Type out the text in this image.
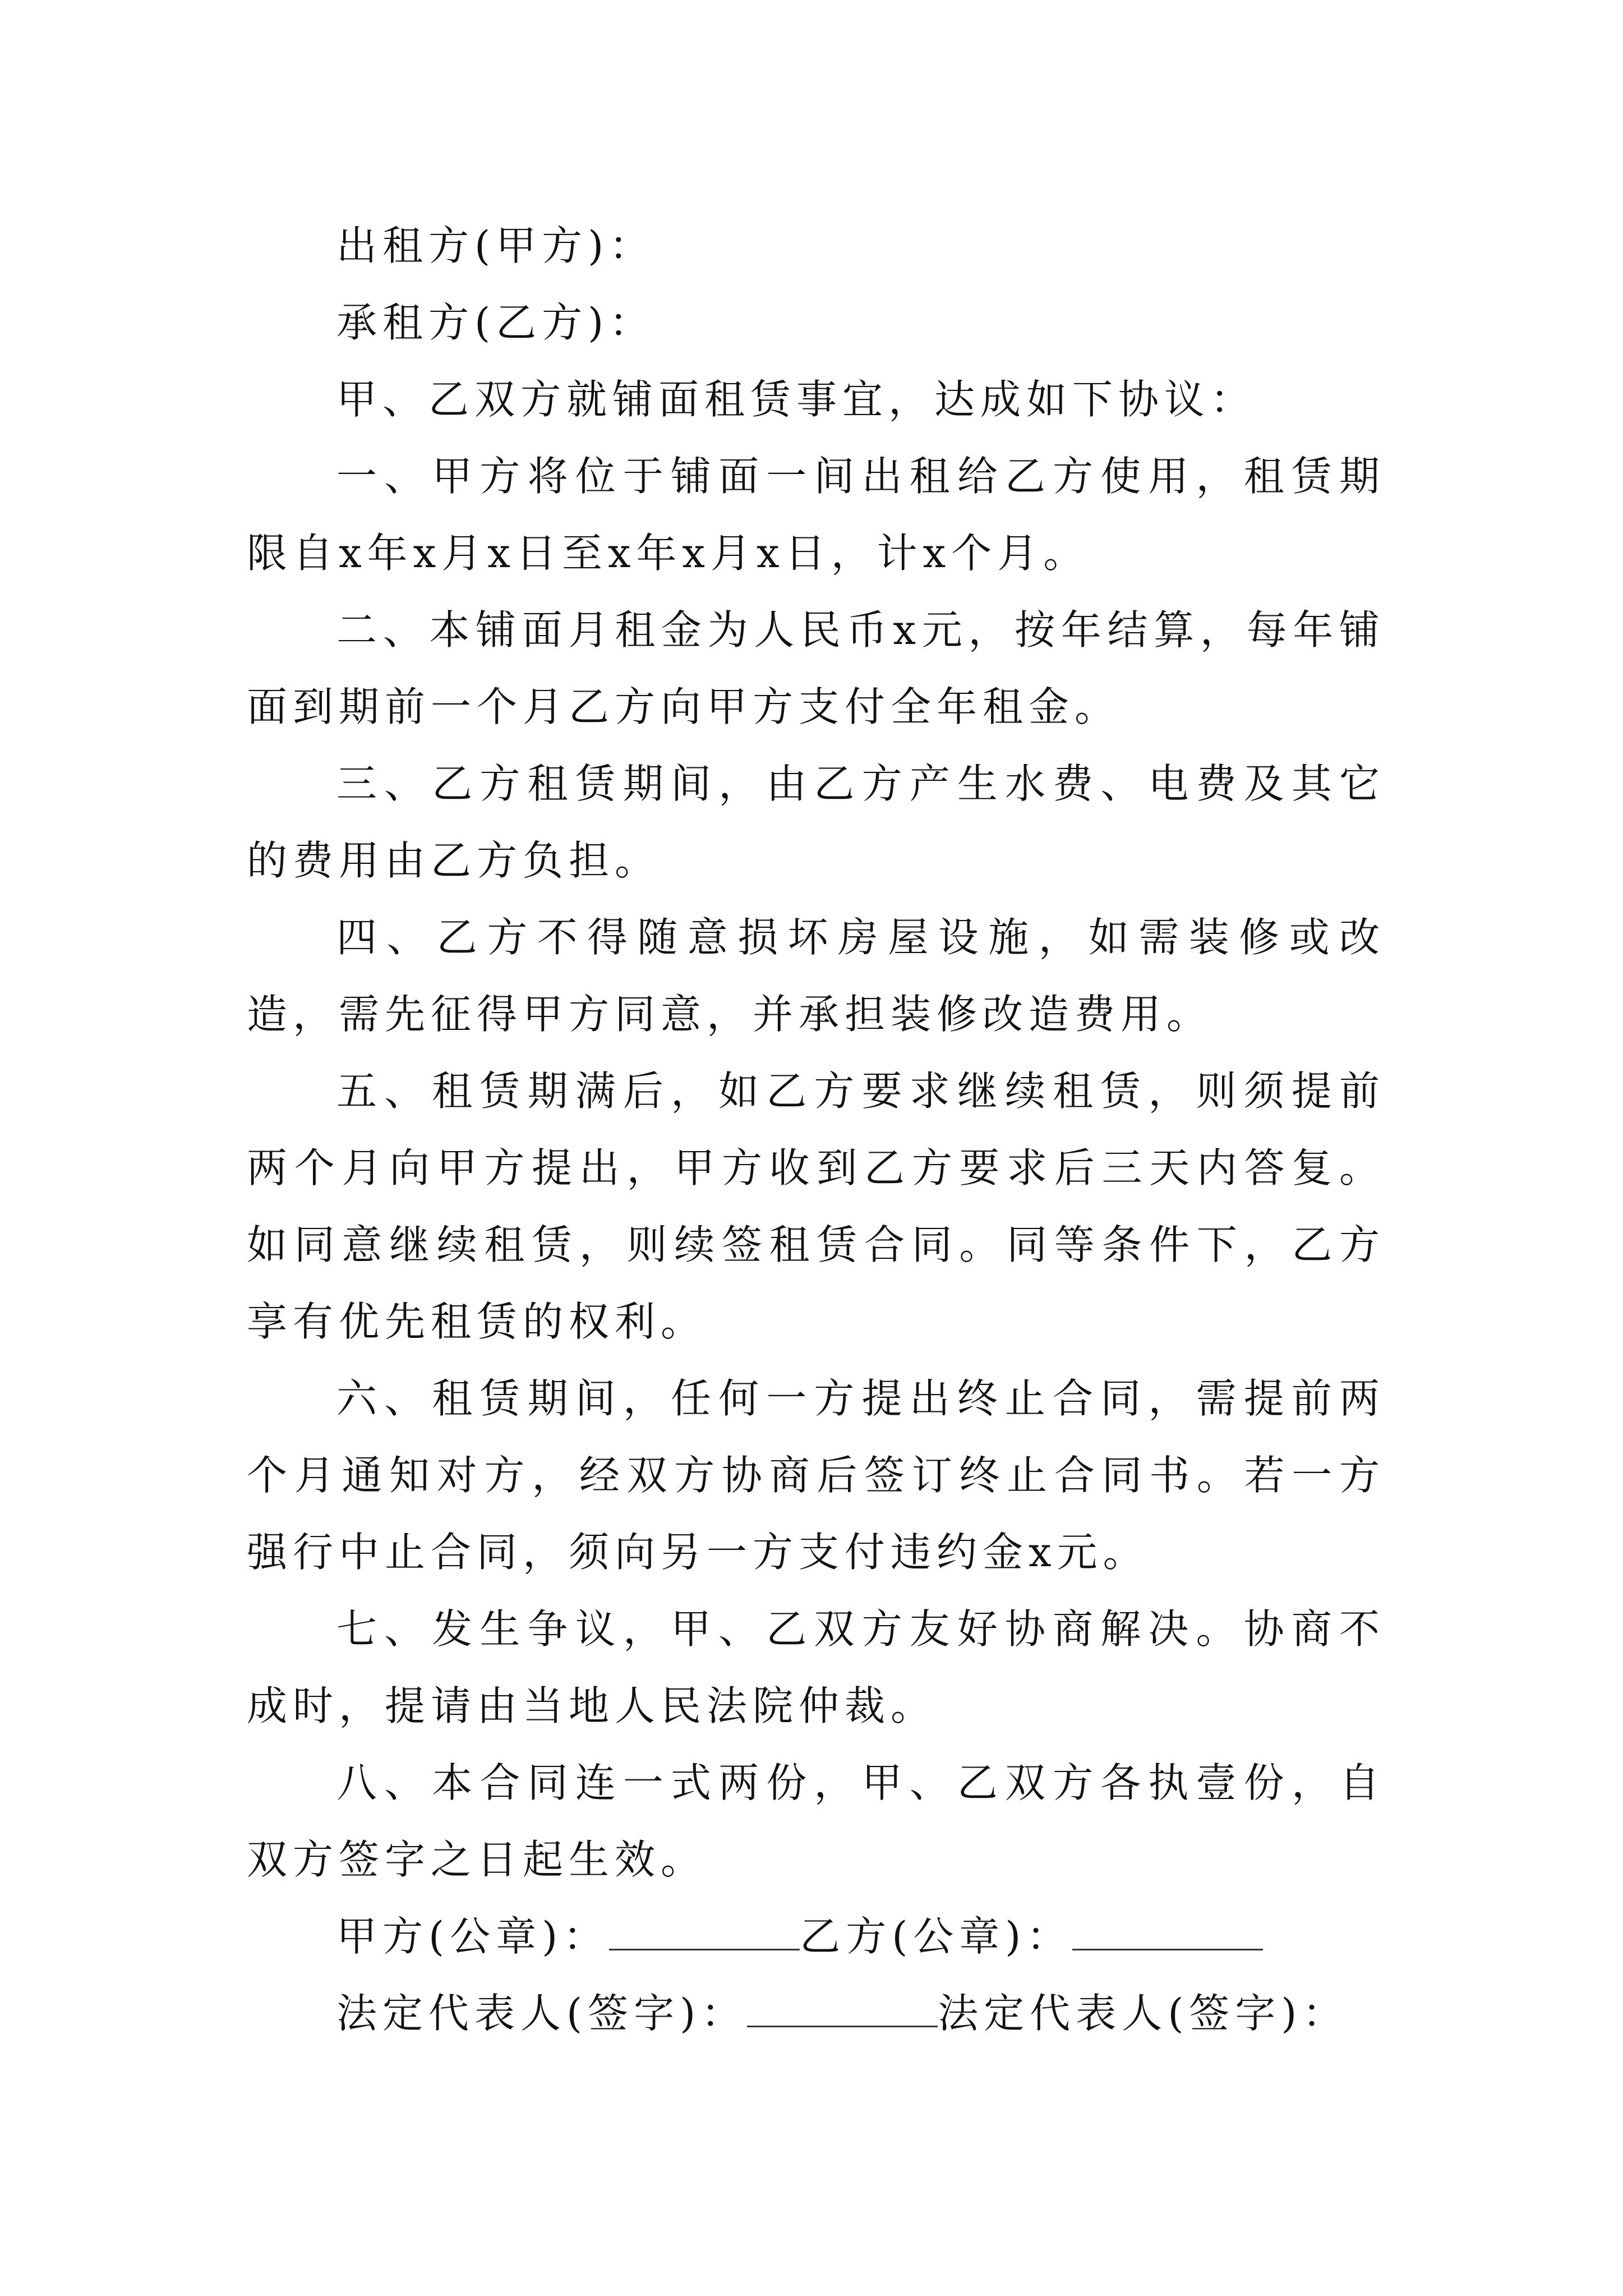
出租方(甲方)：
承租方(乙方)：
甲、乙双方就铺面租赁事宜，达成如下协议：

一、甲方将位于铺面一间出租给乙方使用，租赁期限自x年x月x日至x年x月x日，计x个月。

二、本铺面月租金为人民币x元，按年结算，每年铺面到期前一个月乙方向甲方支付全年租金。

三、乙方租赁期间，由乙方产生水费、电费及其它的费用由乙方负担。

四、乙方不得随意损坏房屋设施，如需装修或改造，需先征得甲方同意，并承担装修改造费用。

五、租赁期满后，如乙方要求继续租赁，则须提前两个月向甲方提出，甲方收到乙方要求后三天内答复。如同意继续租赁，则续签租赁合同。同等条件下，乙方享有优先租赁的权利。

六、租赁期间，任何一方提出终止合同，需提前两个月通知对方，经双方协商后签订终止合同书。若一方强行中止合同，须向另一方支付违约金x元。

七、发生争议，甲、乙双方友好协商解决。协商不成时，提请由当地人民法院仲裁。

八、本合同连一式两份，甲、乙双方各执壹份，自双方签字之日起生效。

甲方(公章)：	乙方(公章)：
法定代表人(签字)：	法定代表人(签字)：
